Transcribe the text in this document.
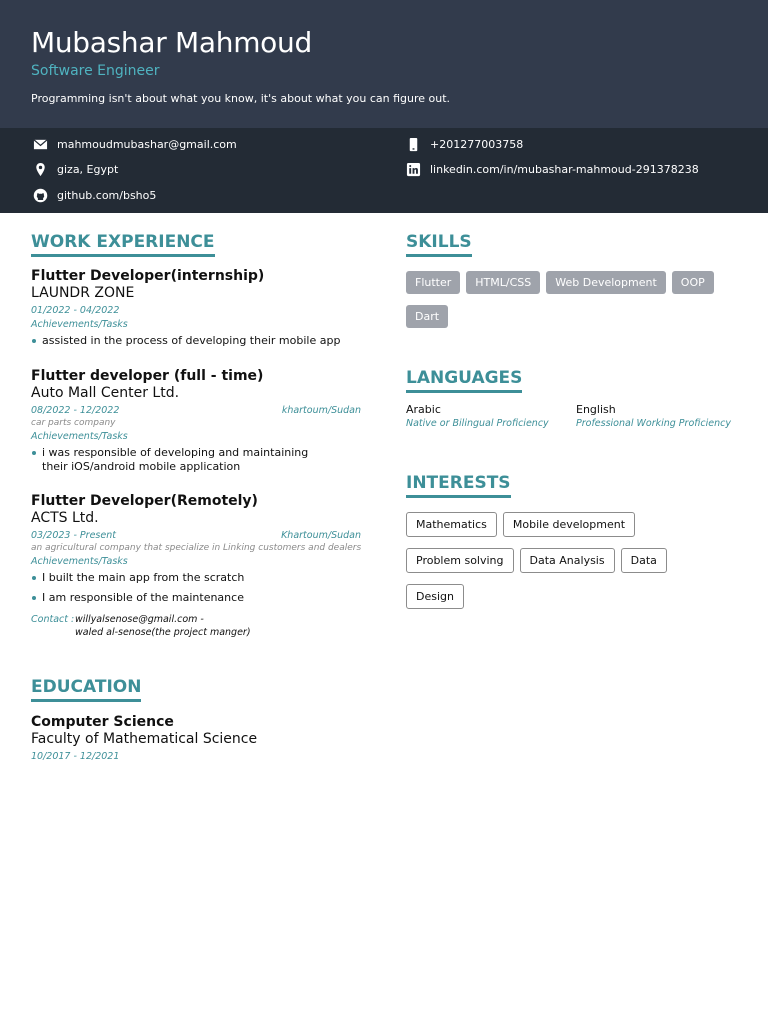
Mubashar Mahmoud
Software Engineer
Programming isn't about what you know, it's about what you can figure out.
mahmoudmubashar@gmail.com
giza, Egypt
github.com/bsho5
+201277003758
linkedin.com/in/mubashar-mahmoud-291378238
WORK EXPERIENCE
Flutter Developer(internship)
LAUNDR ZONE
01/2022 - 04/2022
Achievements/Tasks
assisted in the process of developing their mobile app
Flutter developer (full - time)
Auto Mall Center Ltd.
08/2022 - 12/2022	khartoum/Sudan
car parts company
Achievements/Tasks
i was responsible of developing and maintaining their iOS/android mobile application
Flutter Developer(Remotely)
ACTS Ltd.
03/2023 - Present	Khartoum/Sudan
an agricultural company that specialize in Linking customers and dealers
Achievements/Tasks
I built the main app from the scratch
I am responsible of the maintenance
Contact : willyalsenose@gmail.com -
waled al-senose(the project manger)
EDUCATION
Computer Science
Faculty of Mathematical Science
10/2017 - 12/2021
SKILLS
Flutter	HTML/CSS	Web Development	OOP
Dart
LANGUAGES
Arabic
Native or Bilingual Proficiency
English
Professional Working Proficiency
INTERESTS
Mathematics	Mobile development
Problem solving	Data Analysis	Data
Design
